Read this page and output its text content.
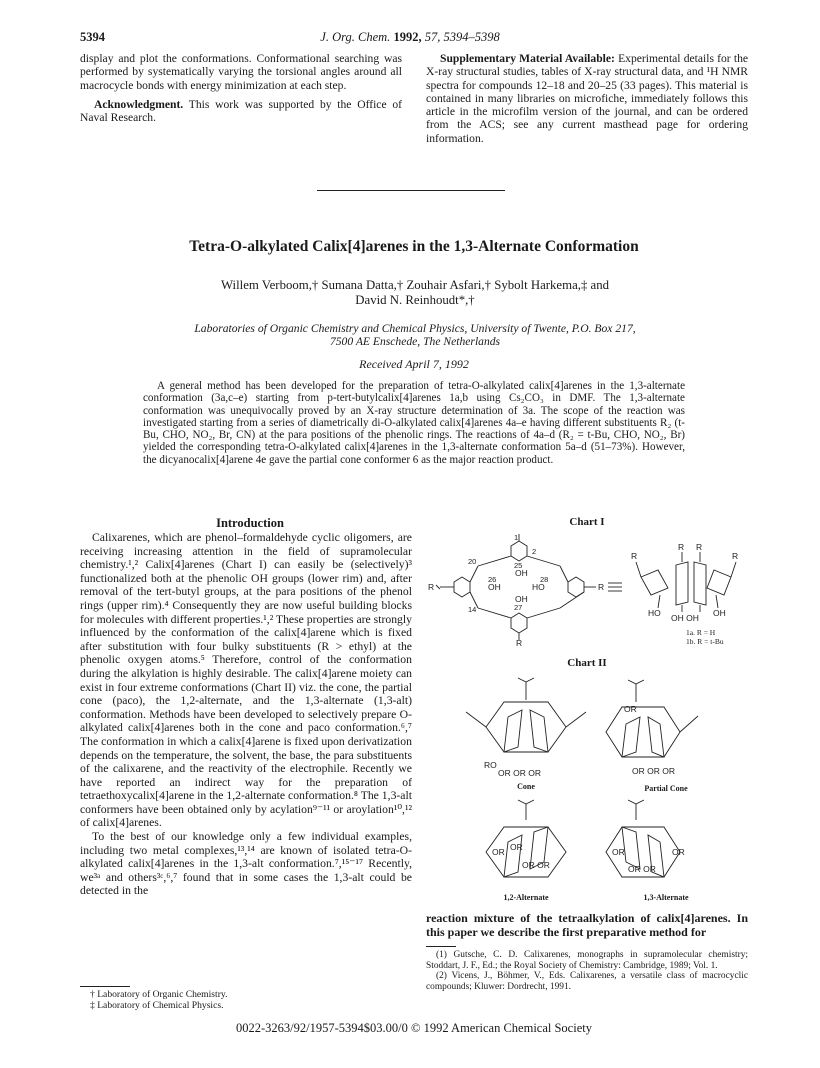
5394	J. Org. Chem. 1992, 57, 5394–5398

display and plot the conformations. Conformational searching was performed by systematically varying the torsional angles around all macrocycle bonds with energy minimization at each step.

Acknowledgment. This work was supported by the Office of Naval Research.

Supplementary Material Available: Experimental details for the X-ray structural studies, tables of X-ray structural data, and ¹H NMR spectra for compounds 12–18 and 20–25 (33 pages). This material is contained in many libraries on microfiche, immediately follows this article in the microfilm version of the journal, and can be ordered from the ACS; see any current masthead page for ordering information.

Tetra-O-alkylated Calix[4]arenes in the 1,3-Alternate Conformation
Willem Verboom,† Sumana Datta,† Zouhair Asfari,† Sybolt Harkema,‡ and
David N. Reinhoudt*,†
Laboratories of Organic Chemistry and Chemical Physics, University of Twente, P.O. Box 217,
7500 AE Enschede, The Netherlands
Received April 7, 1992

A general method has been developed for the preparation of tetra-O-alkylated calix[4]arenes in the 1,3-alternate conformation (3a,c–e) starting from p-tert-butylcalix[4]arenes 1a,b using Cs₂CO₃ in DMF. The 1,3-alternate conformation was unequivocally proved by an X-ray structure determination of 3a. The scope of the reaction was investigated starting from a series of diametrically di-O-alkylated calix[4]arenes 4a–e having different substituents R₂ (t-Bu, CHO, NO₂, Br, CN) at the para positions of the phenolic rings. The reactions of 4a–d (R₂ = t-Bu, CHO, NO₂, Br) yielded the corresponding tetra-O-alkylated calix[4]arenes in the 1,3-alternate conformation 5a–d (51–73%). However, the dicyanocalix[4]arene 4e gave the partial cone conformer 6 as the major reaction product.

Introduction

Calixarenes, which are phenol–formaldehyde cyclic oligomers, are receiving increasing attention in the field of supramolecular chemistry.¹,² Calix[4]arenes (Chart I) can easily be (selectively)³ functionalized both at the phenolic OH groups (lower rim) and, after removal of the tert-butyl groups, at the para positions of the phenol rings (upper rim).⁴ Consequently they are now useful building blocks for molecules with different properties.¹,² These properties are strongly influenced by the conformation of the calix[4]arene which is fixed after substitution with four bulky substituents (R > ethyl) at the phenolic oxygen atoms.⁵ Therefore, control of the conformation during the alkylation is highly desirable. The calix[4]arene moiety can exist in four extreme conformations (Chart II) viz. the cone, the partial cone (paco), the 1,2-alternate, and the 1,3-alternate (1,3-alt) conformation. Methods have been developed to selectively prepare O-alkylated calix[4]arenes both in the cone and paco conformation.⁶,⁷ The conformation in which a calix[4]arene is fixed upon derivatization depends on the temperature, the solvent, the base, the para substituents of the calixarene, and the reactivity of the electrophile. Recently we have reported an indirect way for the preparation of tetraethoxycalix[4]arene in the 1,2-alternate conformation.⁸ The 1,3-alt conformers have been obtained only by acylation⁹⁻¹¹ or aroylation¹⁰,¹² of calix[4]arenes.

To the best of our knowledge only a few individual examples, including two metal complexes,¹³,¹⁴ are known of isolated tetra-O-alkylated calix[4]arenes in the 1,3-alt conformation.⁷,¹⁵⁻¹⁷ Recently, we³ᵃ and others³ᶜ,⁶,⁷ found that in some cases the 1,3-alt could be detected in the

Chart I
1
2
20	25
26
27
28
14
OH
OH	HO
OH
R	R
R
R
R R
R
HO OH OH OH
1a. R = H
1b. R = t-Bu
Chart II
RO
OR OR OR
OR
OR OR OR
OR OR
OR OR
OR	OR
OR OR
Cone	Partial Cone
1,2-Alternate	1,3-Alternate
reaction mixture of the tetraalkylation of calix[4]arenes. In this paper we describe the first preparative method for

(1) Gutsche, C. D. Calixarenes, monographs in supramolecular chemistry; Stoddart, J. F., Ed.; the Royal Society of Chemistry: Cambridge, 1989; Vol. 1.

(2) Vicens, J., Böhmer, V., Eds. Calixarenes, a versatile class of macrocyclic compounds; Kluwer: Dordrecht, 1991.

† Laboratory of Organic Chemistry.

‡ Laboratory of Chemical Physics.

0022-3263/92/1957-5394$03.00/0 © 1992 American Chemical Society
